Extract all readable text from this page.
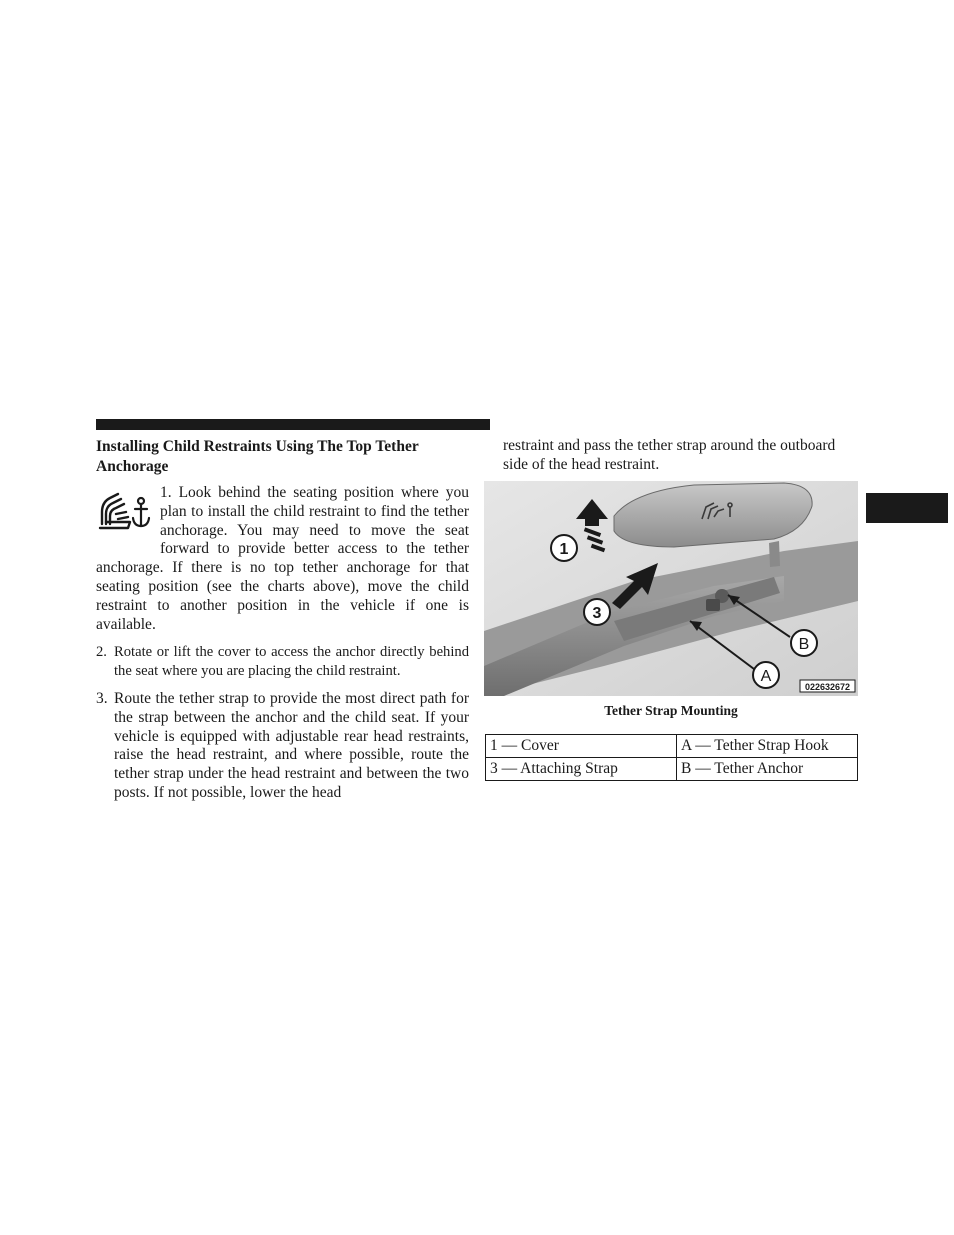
Installing Child Restraints Using The Top Tether Anchorage
1. Look behind the seating position where you plan to install the child restraint to find the tether anchorage. You may need to move the seat forward to provide better access to the tether anchorage. If there is no top tether anchorage for that seating position (see the charts above), move the child restraint to another position in the vehicle if one is available.
2. Rotate or lift the cover to access the anchor directly behind the seat where you are placing the child restraint.
3. Route the tether strap to provide the most direct path for the strap between the anchor and the child seat. If your vehicle is equipped with adjustable rear head restraints, raise the head restraint, and where possible, route the tether strap under the head restraint and between the two posts. If not possible, lower the head

restraint and pass the tether strap around the outboard side of the head restraint.

1
3
B
A
022632672
Tether Strap Mounting
1 — Cover	A — Tether Strap Hook
3 — Attaching Strap	B — Tether Anchor
